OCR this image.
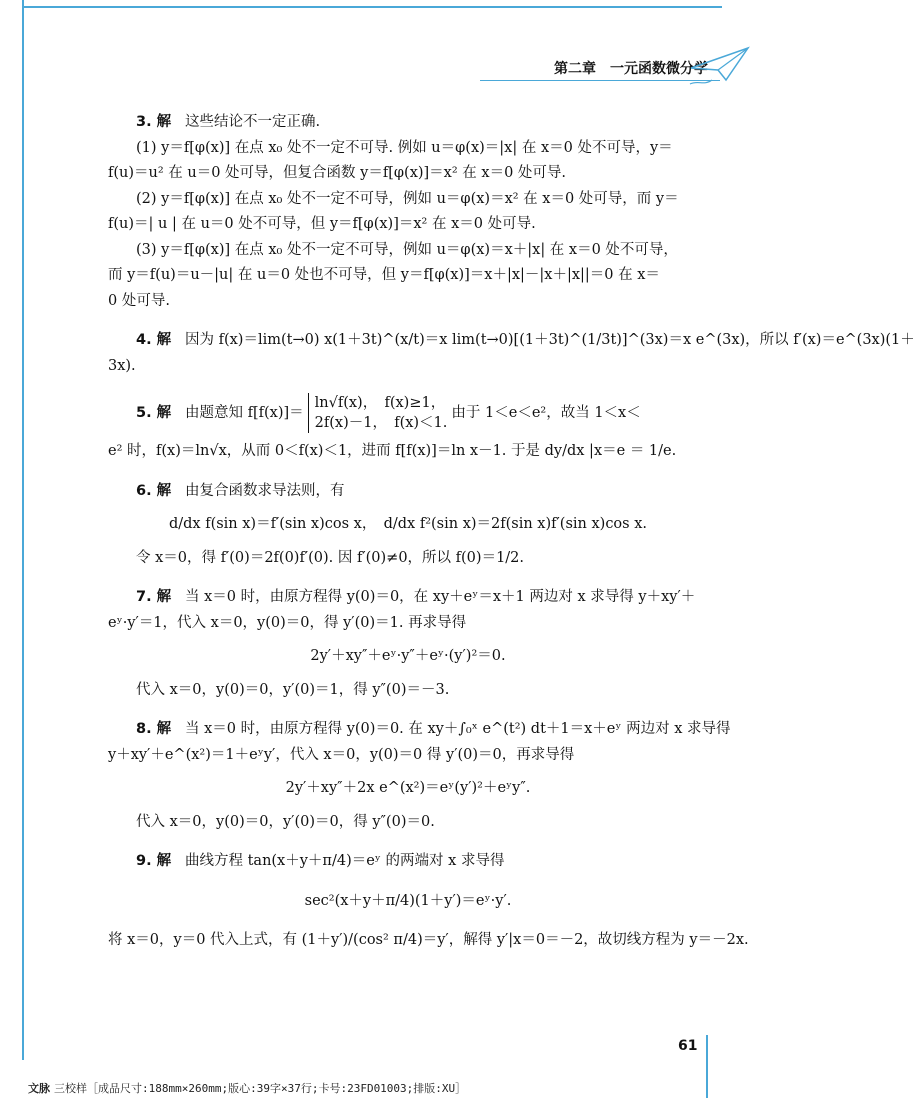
第二章　一元函数微分学
3. 解 这些结论不一定正确.
(1) y＝f[φ(x)] 在点 x₀ 处不一定不可导. 例如 u＝φ(x)＝|x| 在 x＝0 处不可导，y＝
f(u)＝u² 在 u＝0 处可导，但复合函数 y＝f[φ(x)]＝x² 在 x＝0 处可导.
(2) y＝f[φ(x)] 在点 x₀ 处不一定不可导，例如 u＝φ(x)＝x² 在 x＝0 处可导，而 y＝
f(u)＝| u | 在 u＝0 处不可导，但 y＝f[φ(x)]＝x² 在 x＝0 处可导.
(3) y＝f[φ(x)] 在点 x₀ 处不一定不可导，例如 u＝φ(x)＝x＋|x| 在 x＝0 处不可导，
而 y＝f(u)＝u－|u| 在 u＝0 处也不可导，但 y＝f[φ(x)]＝x＋|x|－|x＋|x||＝0 在 x＝
0 处可导.
4. 解 因为 f(x)＝lim(t→0) x(1＋3t)^(x/t)＝x lim(t→0)[(1＋3t)^(1/3t)]^(3x)＝x e^(3x)，所以 f′(x)＝e^(3x)(1＋
3x).
5. 解 由题意知 f[f(x)]＝
ln√f(x)，　f(x)≥1，
2f(x)－1，　f(x)＜1.
由于 1＜e＜e²，故当 1＜x＜
e² 时，f(x)＝ln√x，从而 0＜f(x)＜1，进而 f[f(x)]＝ln x－1. 于是 dy/dx |x＝e ＝ 1/e.
6. 解 由复合函数求导法则，有
d/dx f(sin x)＝f′(sin x)cos x，　d/dx f²(sin x)＝2f(sin x)f′(sin x)cos x.
令 x＝0，得 f′(0)＝2f(0)f′(0). 因 f′(0)≠0，所以 f(0)＝1/2.
7. 解 当 x＝0 时，由原方程得 y(0)＝0，在 xy＋eʸ＝x＋1 两边对 x 求导得 y＋xy′＋
eʸ·y′＝1，代入 x＝0，y(0)＝0，得 y′(0)＝1. 再求导得
2y′＋xy″＋eʸ·y″＋eʸ·(y′)²＝0.
代入 x＝0，y(0)＝0，y′(0)＝1，得 y″(0)＝－3.
8. 解 当 x＝0 时，由原方程得 y(0)＝0. 在 xy＋∫₀ˣ e^(t²) dt＋1＝x＋eʸ 两边对 x 求导得
y＋xy′＋e^(x²)＝1＋eʸy′，代入 x＝0，y(0)＝0 得 y′(0)＝0，再求导得
2y′＋xy″＋2x e^(x²)＝eʸ(y′)²＋eʸy″.
代入 x＝0，y(0)＝0，y′(0)＝0，得 y″(0)＝0.
9. 解 曲线方程 tan(x＋y＋π/4)＝eʸ 的两端对 x 求导得
sec²(x＋y＋π/4)(1＋y′)＝eʸ·y′.
将 x＝0，y＝0 代入上式，有 (1＋y′)/(cos² π/4)＝y′，解得 y′|x＝0＝－2，故切线方程为 y＝－2x.
61
文脉 三校样［成品尺寸:188mm×260mm;版心:39字×37行;卡号:23FD01003;排版:XU］
